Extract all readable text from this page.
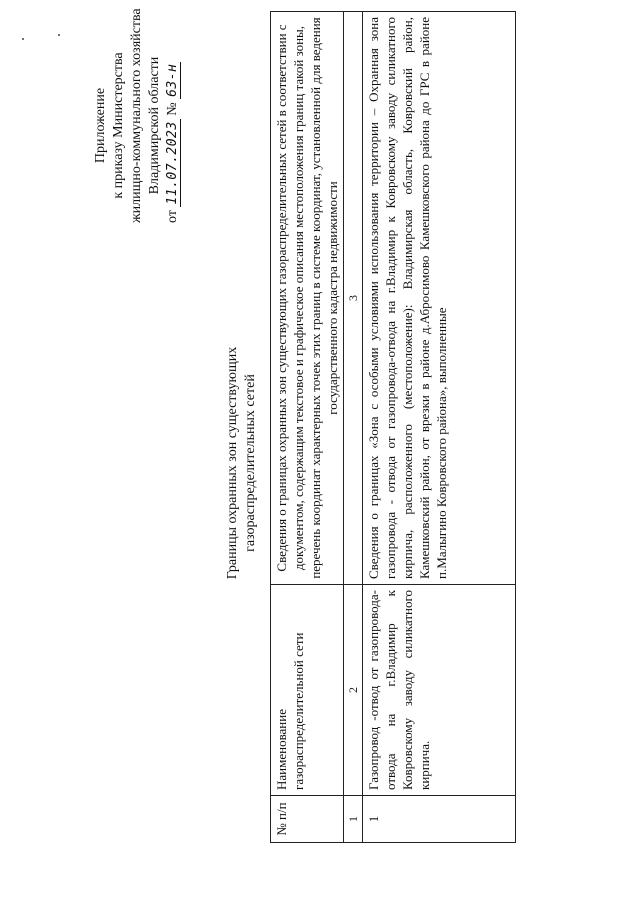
Приложение к приказу Министерства жилищно-коммунального хозяйства Владимирской области
от 11.07.2023 № 63-н
Границы охранных зон существующих газораспределительных сетей
№ п/п	Наименование газораспределительной сети	Сведения о границах охранных зон существующих газораспределительных сетей в соответствии с документом, содержащим текстовое и графическое описания местоположения границ такой зоны, перечень координат характерных точек этих границ в системе координат, установленной для ведения государственного кадастра недвижимости
1	2	3
1	Газопровод -отвод от газопровода-отвода на г.Владимир к Ковровскому заводу силикатного кирпича.	Сведения о границах «Зона с особыми условиями использования территории – Охранная зона газопровода - отвода от газопровода-отвода на г.Владимир к Ковровскому заводу силикатного кирпича, расположенного (местоположение): Владимирская область, Ковровский район, Камешковский район, от врезки в районе д.Абросимово Камешковского района до ГРС в районе п.Малыгино Ковровского района», выполненные
